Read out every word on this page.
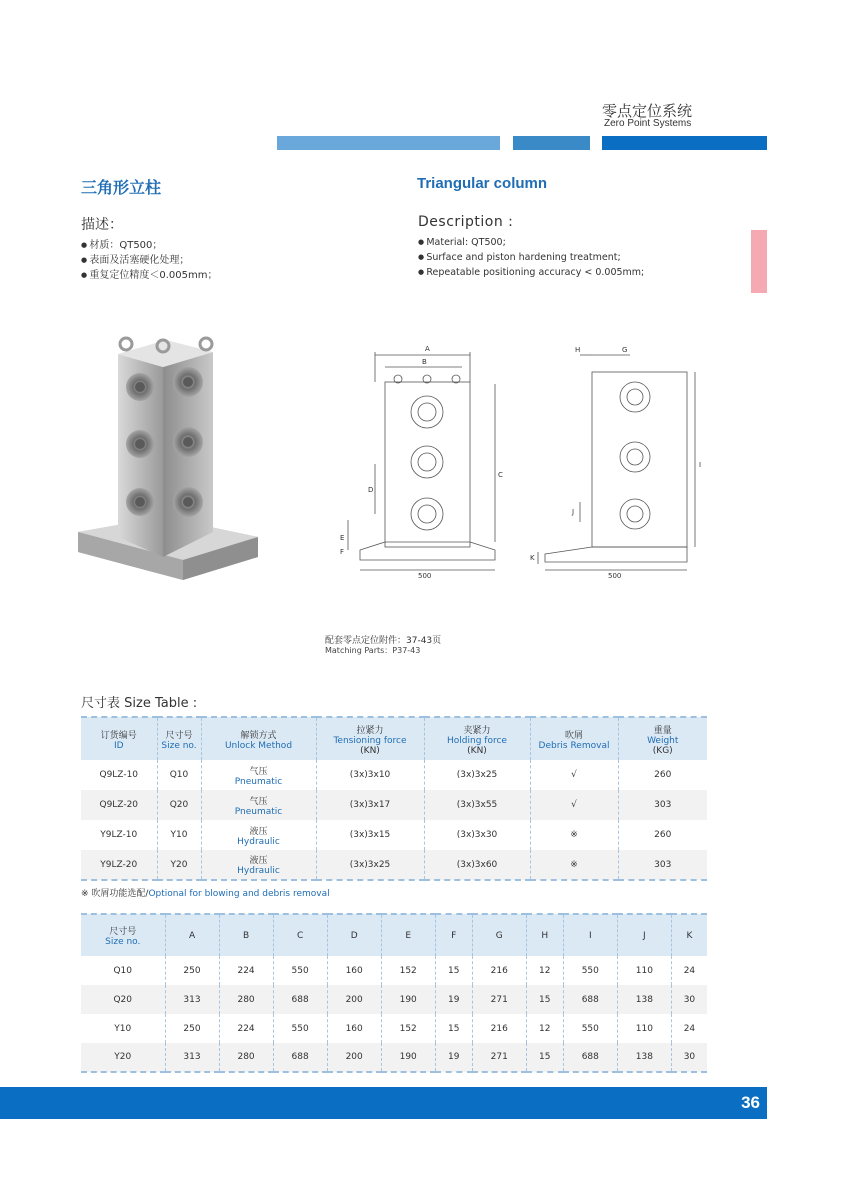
零点定位系统
Zero Point Systems
三角形立柱	Triangular column
描述：	Description :
● 材质：QT500；
● 表面及活塞硬化处理；
● 重复定位精度＜0.005mm；
● Material: QT500;
● Surface and piston hardening treatment;
● Repeatable positioning accuracy < 0.005mm;
A
B
C
D
E
F
500
H	G
I
J
K
500
配套零点定位附件：37-43页
Matching Parts：P37-43
尺寸表 Size Table :
订货编号
ID	尺寸号
Size no.	解锁方式
Unlock Method	拉紧力
Tensioning force
(KN)	夹紧力
Holding force
(KN)	吹屑
Debris Removal	重量
Weight
(KG)

Q9LZ-10	Q10	气压
Pneumatic	(3x)3x10	(3x)3x25	√	260
Q9LZ-20	Q20	气压
Pneumatic	(3x)3x17	(3x)3x55	√	303
Y9LZ-10	Y10	液压
Hydraulic	(3x)3x15	(3x)3x30	※	260
Y9LZ-20	Y20	液压
Hydraulic	(3x)3x25	(3x)3x60	※	303
※ 吹屑功能选配/Optional for blowing and debris removal
尺寸号
Size no.	A	B	C	D	E	F	G	H	I	J	K
Q10	250	224	550	160	152	15	216	12	550	110	24
Q20	313	280	688	200	190	19	271	15	688	138	30
Y10	250	224	550	160	152	15	216	12	550	110	24
Y20	313	280	688	200	190	19	271	15	688	138	30
36
